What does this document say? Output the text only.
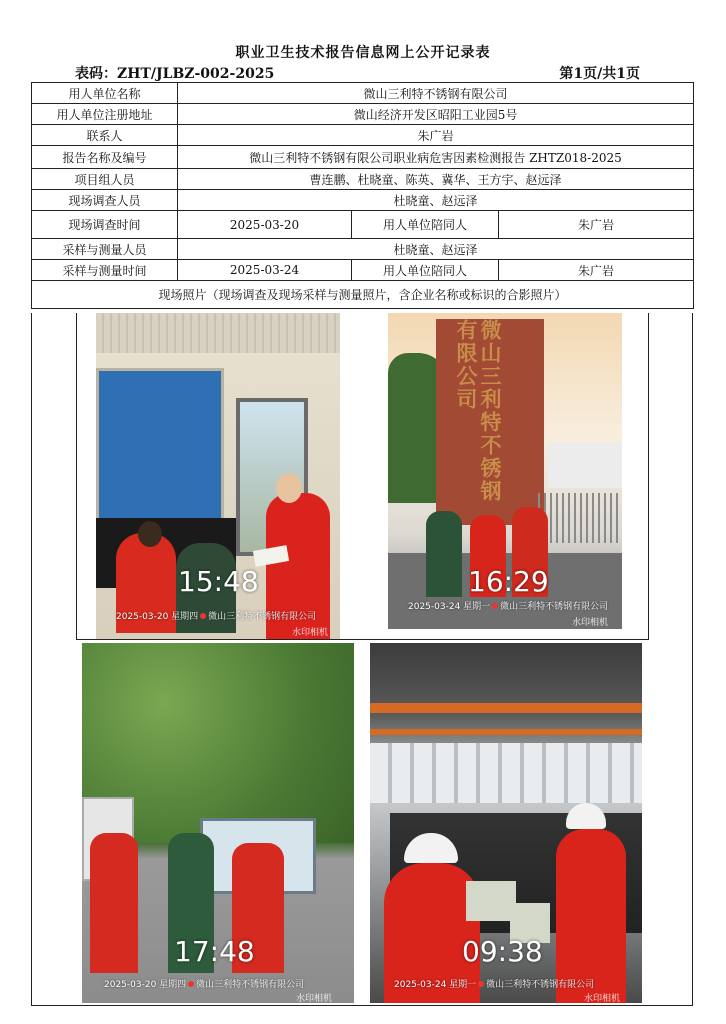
职业卫生技术报告信息网上公开记录表
表码：ZHT/JLBZ-002-2025	第1页/共1页
用人单位名称	微山三利特不锈钢有限公司		
用人单位注册地址	微山经济开发区昭阳工业园5号		
联系人	朱广岩		
报告名称及编号	微山三利特不锈钢有限公司职业病危害因素检测报告 ZHTZ018-2025		
项目组人员	曹连鹏、杜晓童、陈英、冀华、王方宇、赵远泽		
现场调查人员	杜晓童、赵远泽		
现场调查时间	2025-03-20	用人单位陪同人	朱广岩
采样与测量人员	杜晓童、赵远泽		
采样与测量时间	2025-03-24	用人单位陪同人	朱广岩
现场照片（现场调查及现场采样与测量照片，含企业名称或标识的合影照片）			
15:48
2025-03-20 星期四 微山三利特不锈钢有限公司
水印相机
微山三利特不锈钢有限公司
16:29
2025-03-24 星期一 微山三利特不锈钢有限公司
水印相机
17:48
2025-03-20 星期四 微山三利特不锈钢有限公司
水印相机
09:38
2025-03-24 星期一 微山三利特不锈钢有限公司
水印相机
